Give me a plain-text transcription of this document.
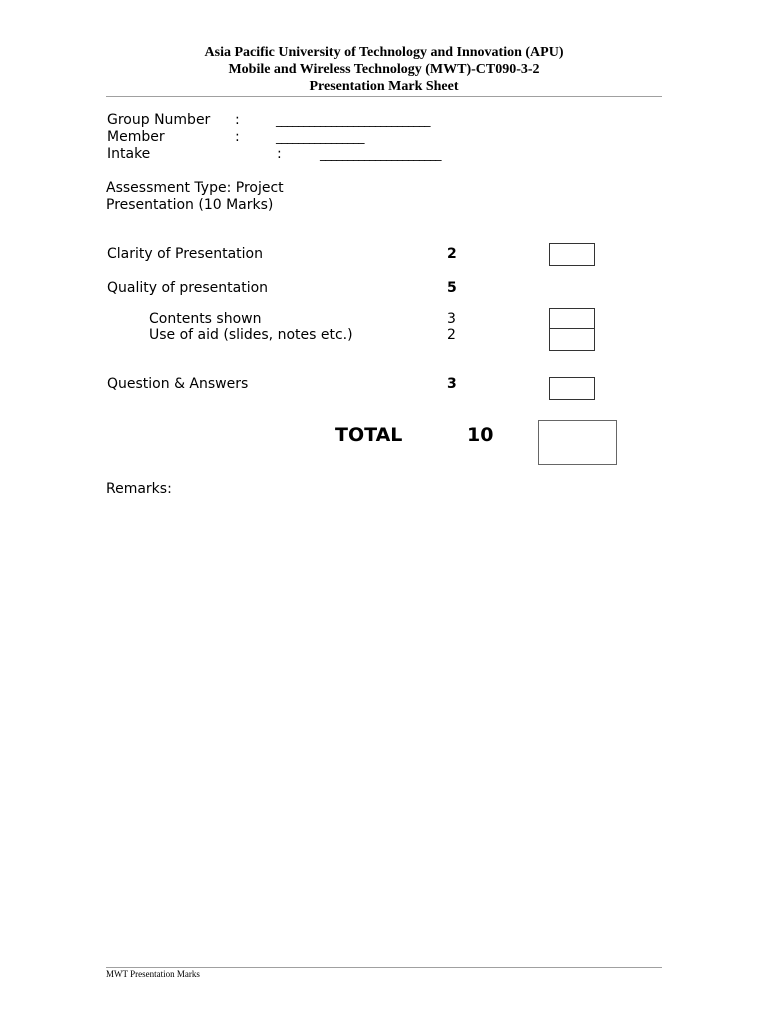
Asia Pacific University of Technology and Innovation (APU)
Mobile and Wireless Technology (MWT)-CT090-3-2
Presentation Mark Sheet
Group Number :	____________________________
Member	:	________________
Intake	:	______________________
Assessment Type: Project
Presentation (10 Marks)
Clarity of Presentation	2
Quality of presentation	5
Contents shown	3
Use of aid (slides, notes etc.)	2
Question & Answers	3
TOTAL	10
Remarks:
MWT Presentation Marks
